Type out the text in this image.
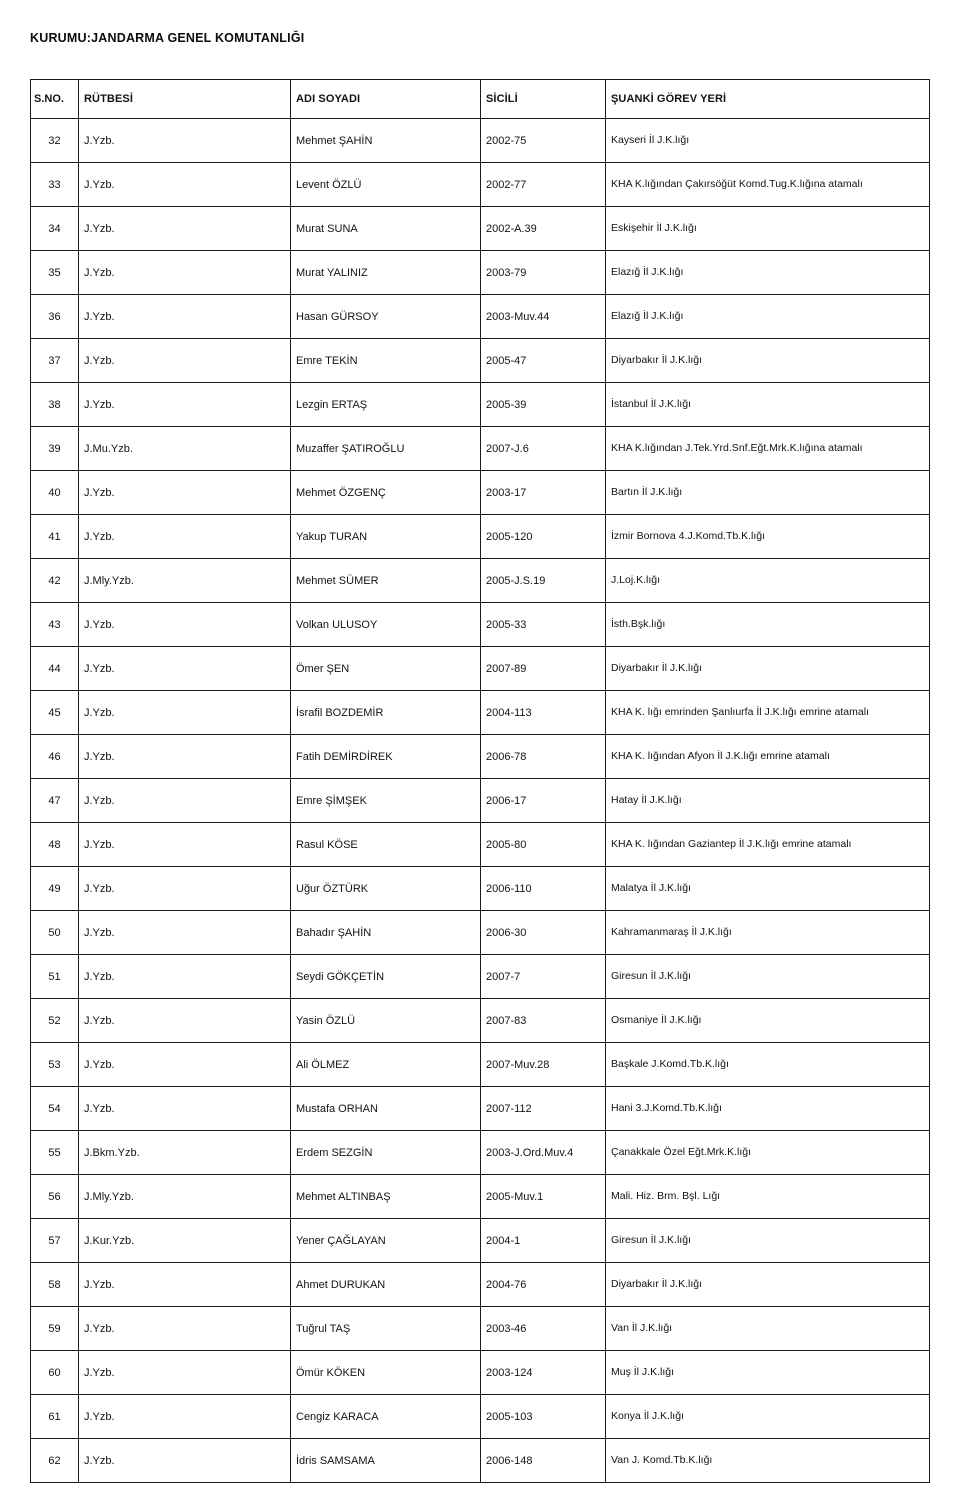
KURUMU:JANDARMA GENEL KOMUTANLIĞI
S.NO.	RÜTBESİ	ADI SOYADI	SİCİLİ	ŞUANKİ GÖREV YERİ
32	J.Yzb.	Mehmet ŞAHİN	2002-75	Kayseri İl J.K.lığı
33	J.Yzb.	Levent ÖZLÜ	2002-77	KHA K.lığından Çakırsöğüt Komd.Tug.K.lığına atamalı
34	J.Yzb.	Murat SUNA	2002-A.39	Eskişehir İl J.K.lığı
35	J.Yzb.	Murat YALINIZ	2003-79	Elazığ İl J.K.lığı
36	J.Yzb.	Hasan GÜRSOY	2003-Muv.44	Elazığ İl J.K.lığı
37	J.Yzb.	Emre TEKİN	2005-47	Diyarbakır İl J.K.lığı
38	J.Yzb.	Lezgin ERTAŞ	2005-39	İstanbul İl J.K.lığı
39	J.Mu.Yzb.	Muzaffer ŞATIROĞLU	2007-J.6	KHA K.lığından J.Tek.Yrd.Snf.Eğt.Mrk.K.lığına atamalı
40	J.Yzb.	Mehmet ÖZGENÇ	2003-17	Bartın İl J.K.lığı
41	J.Yzb.	Yakup TURAN	2005-120	İzmir Bornova 4.J.Komd.Tb.K.lığı
42	J.Mly.Yzb.	Mehmet SÜMER	2005-J.S.19	J.Loj.K.lığı
43	J.Yzb.	Volkan ULUSOY	2005-33	İsth.Bşk.lığı
44	J.Yzb.	Ömer ŞEN	2007-89	Diyarbakır İl J.K.lığı
45	J.Yzb.	İsrafil BOZDEMİR	2004-113	KHA K. lığı emrinden Şanlıurfa İl J.K.lığı emrine atamalı
46	J.Yzb.	Fatih DEMİRDİREK	2006-78	KHA K. lığından Afyon İl J.K.lığı emrine atamalı
47	J.Yzb.	Emre ŞİMŞEK	2006-17	Hatay İl J.K.lığı
48	J.Yzb.	Rasul KÖSE	2005-80	KHA K. lığından Gaziantep İl J.K.lığı emrine atamalı
49	J.Yzb.	Uğur ÖZTÜRK	2006-110	Malatya İl J.K.lığı
50	J.Yzb.	Bahadır ŞAHİN	2006-30	Kahramanmaraş İl J.K.lığı
51	J.Yzb.	Seydi GÖKÇETİN	2007-7	Giresun İl J.K.lığı
52	J.Yzb.	Yasin ÖZLÜ	2007-83	Osmaniye İl J.K.lığı
53	J.Yzb.	Ali ÖLMEZ	2007-Muv.28	Başkale J.Komd.Tb.K.lığı
54	J.Yzb.	Mustafa ORHAN	2007-112	Hani 3.J.Komd.Tb.K.lığı
55	J.Bkm.Yzb.	Erdem SEZGİN	2003-J.Ord.Muv.4	Çanakkale Özel Eğt.Mrk.K.lığı
56	J.Mly.Yzb.	Mehmet ALTINBAŞ	2005-Muv.1	Mali. Hiz. Brm. Bşl. Lığı
57	J.Kur.Yzb.	Yener ÇAĞLAYAN	2004-1	Giresun İl J.K.lığı
58	J.Yzb.	Ahmet DURUKAN	2004-76	Diyarbakır İl J.K.lığı
59	J.Yzb.	Tuğrul TAŞ	2003-46	Van İl J.K.lığı
60	J.Yzb.	Ömür KÖKEN	2003-124	Muş İl J.K.lığı
61	J.Yzb.	Cengiz KARACA	2005-103	Konya İl J.K.lığı
62	J.Yzb.	İdris SAMSAMA	2006-148	Van J. Komd.Tb.K.lığı
